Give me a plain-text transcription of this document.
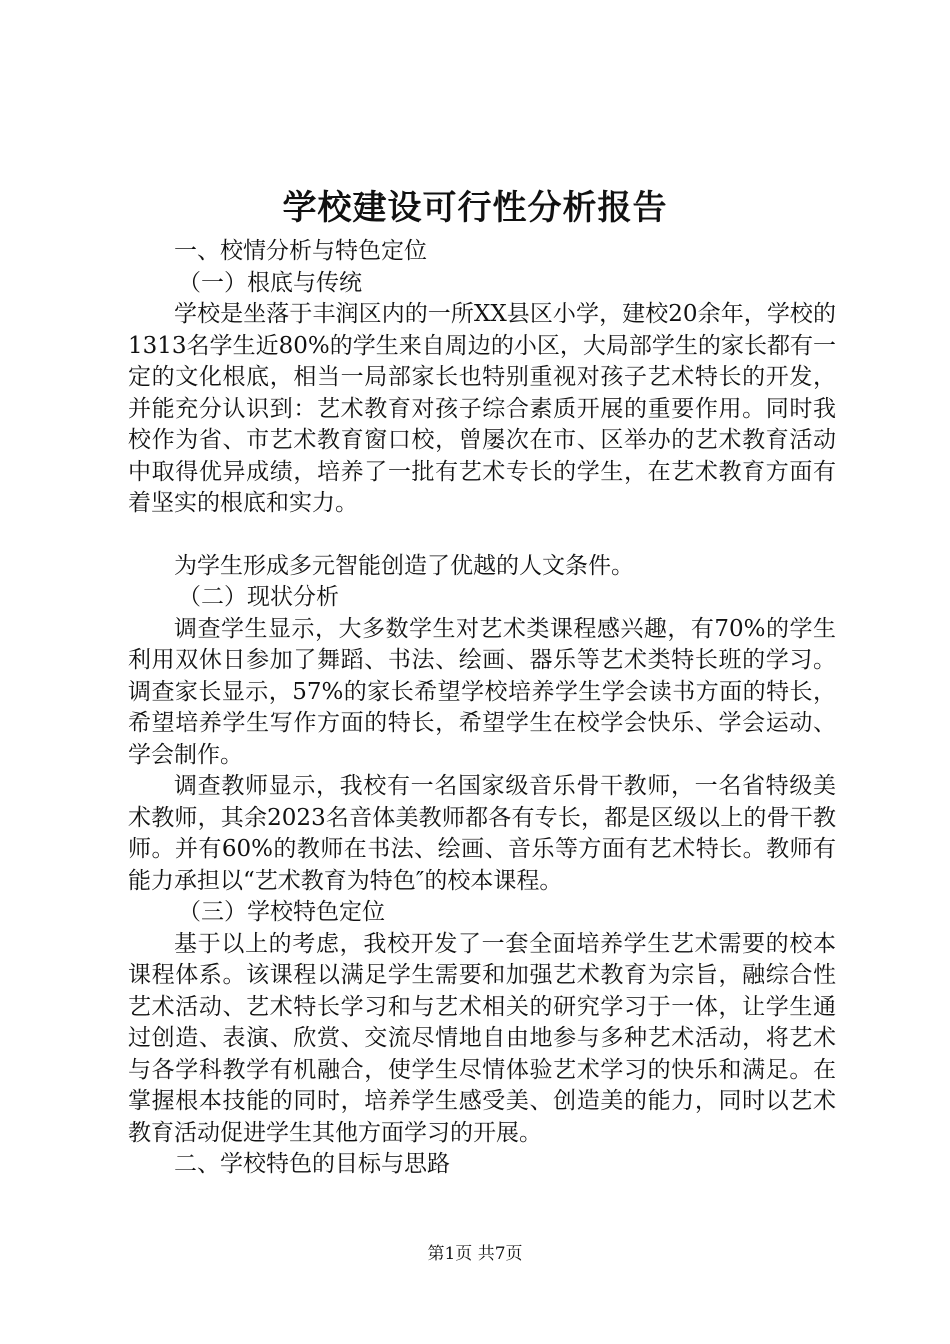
学校建设可行性分析报告

一、校情分析与特色定位

（一）根底与传统

学校是坐落于丰润区内的一所XX县区小学，建校20余年，学校的1313名学生近80%的学生来自周边的小区，大局部学生的家长都有一定的文化根底，相当一局部家长也特别重视对孩子艺术特长的开发，并能充分认识到：艺术教育对孩子综合素质开展的重要作用。同时我校作为省、市艺术教育窗口校，曾屡次在市、区举办的艺术教育活动中取得优异成绩，培养了一批有艺术专长的学生，在艺术教育方面有着坚实的根底和实力。

为学生形成多元智能创造了优越的人文条件。

（二）现状分析

调查学生显示，大多数学生对艺术类课程感兴趣，有70%的学生利用双休日参加了舞蹈、书法、绘画、器乐等艺术类特长班的学习。调查家长显示，57%的家长希望学校培养学生学会读书方面的特长，希望培养学生写作方面的特长，希望学生在校学会快乐、学会运动、学会制作。

调查教师显示，我校有一名国家级音乐骨干教师，一名省特级美术教师，其余2023名音体美教师都各有专长，都是区级以上的骨干教师。并有60%的教师在书法、绘画、音乐等方面有艺术特长。教师有能力承担以“艺术教育为特色″的校本课程。

（三）学校特色定位

基于以上的考虑，我校开发了一套全面培养学生艺术需要的校本课程体系。该课程以满足学生需要和加强艺术教育为宗旨，融综合性艺术活动、艺术特长学习和与艺术相关的研究学习于一体，让学生通过创造、表演、欣赏、交流尽情地自由地参与多种艺术活动，将艺术与各学科教学有机融合，使学生尽情体验艺术学习的快乐和满足。在掌握根本技能的同时，培养学生感受美、创造美的能力，同时以艺术教育活动促进学生其他方面学习的开展。

二、学校特色的目标与思路

第1页 共7页
